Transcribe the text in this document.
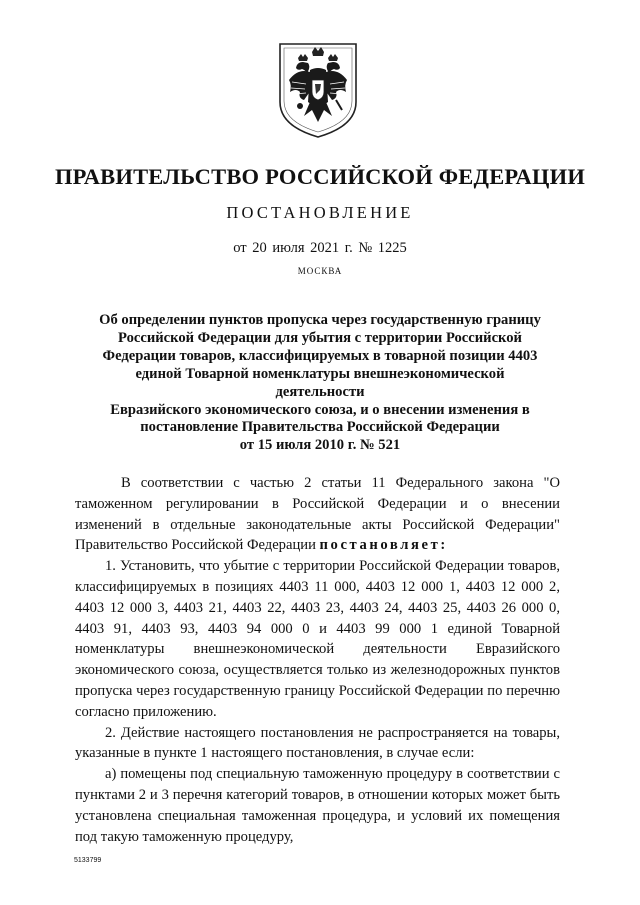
ПРАВИТЕЛЬСТВО РОССИЙСКОЙ ФЕДЕРАЦИИ
ПОСТАНОВЛЕНИЕ
от 20 июля 2021 г. № 1225
МОСКВА
Об определении пунктов пропуска через государственную границу
Российской Федерации для убытия с территории Российской
Федерации товаров, классифицируемых в товарной позиции 4403
единой Товарной номенклатуры внешнеэкономической деятельности
Евразийского экономического союза, и о внесении изменения в
постановление Правительства Российской Федерации
от 15 июля 2010 г. № 521

В соответствии с частью 2 статьи 11 Федерального закона "О таможенном регулировании в Российской Федерации и о внесении изменений в отдельные законодательные акты Российской Федерации" Правительство Российской Федерации постановляет:

1. Установить, что убытие с территории Российской Федерации товаров, классифицируемых в позициях 4403 11 000, 4403 12 000 1, 4403 12 000 2, 4403 12 000 3, 4403 21, 4403 22, 4403 23, 4403 24, 4403 25, 4403 26 000 0, 4403 91, 4403 93, 4403 94 000 0 и 4403 99 000 1 единой Товарной номенклатуры внешнеэкономической деятельности Евразийского экономического союза, осуществляется только из железнодорожных пунктов пропуска через государственную границу Российской Федерации по перечню согласно приложению.

2. Действие настоящего постановления не распространяется на товары, указанные в пункте 1 настоящего постановления, в случае если:

а) помещены под специальную таможенную процедуру в соответствии с пунктами 2 и 3 перечня категорий товаров, в отношении которых может быть установлена специальная таможенная процедура, и условий их помещения под такую таможенную процедуру,

5133799
